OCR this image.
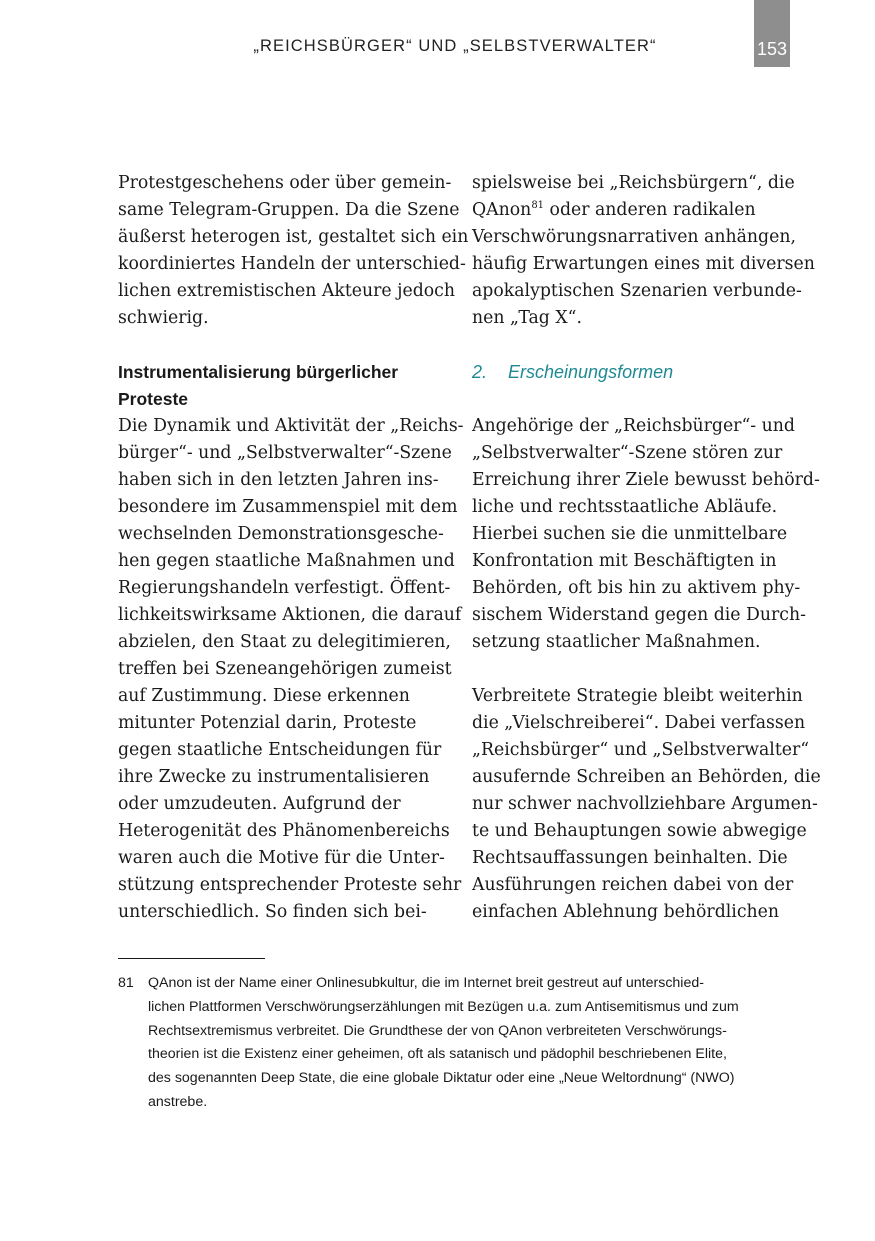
„REICHSBÜRGER“ UND „SELBSTVERWALTER“	153
Protestgeschehens oder über gemein-
same Telegram-Gruppen. Da die Szene
äußerst heterogen ist, gestaltet sich ein
koordiniertes Handeln der unterschied-
lichen extremistischen Akteure jedoch
schwierig.
Instrumentalisierung bürgerlicher
Proteste
Die Dynamik und Aktivität der „Reichs-
bürger“- und „Selbstverwalter“-Szene
haben sich in den letzten Jahren ins-
besondere im Zusammenspiel mit dem
wechselnden Demonstrationsgesche-
hen gegen staatliche Maßnahmen und
Regierungshandeln verfestigt. Öffent-
lichkeitswirksame Aktionen, die darauf
abzielen, den Staat zu delegitimieren,
treffen bei Szeneangehörigen zumeist
auf Zustimmung. Diese erkennen
mitunter Potenzial darin, Proteste
gegen staatliche Entscheidungen für
ihre Zwecke zu instrumentalisieren
oder umzudeuten. Aufgrund der
Heterogenität des Phänomenbereichs
waren auch die Motive für die Unter-
stützung entsprechender Proteste sehr
unterschiedlich. So finden sich bei-
spielsweise bei „Reichsbürgern“, die
QAnon$^{81}$ oder anderen radikalen
Verschwörungsnarrativen anhängen,
häufig Erwartungen eines mit diversen
apokalyptischen Szenarien verbunde-
nen „Tag X“.
2. Erscheinungsformen
Angehörige der „Reichsbürger“- und
„Selbstverwalter“-Szene stören zur
Erreichung ihrer Ziele bewusst behörd-
liche und rechtsstaatliche Abläufe.
Hierbei suchen sie die unmittelbare
Konfrontation mit Beschäftigten in
Behörden, oft bis hin zu aktivem phy-
sischem Widerstand gegen die Durch-
setzung staatlicher Maßnahmen.
Verbreitete Strategie bleibt weiterhin
die „Vielschreiberei“. Dabei verfassen
„Reichsbürger“ und „Selbstverwalter“
ausufernde Schreiben an Behörden, die
nur schwer nachvollziehbare Argumen-
te und Behauptungen sowie abwegige
Rechtsauffassungen beinhalten. Die
Ausführungen reichen dabei von der
einfachen Ablehnung behördlichen
81 QAnon ist der Name einer Onlinesubkultur, die im Internet breit gestreut auf unterschied-
lichen Plattformen Verschwörungserzählungen mit Bezügen u.a. zum Antisemitismus und zum
Rechtsextremismus verbreitet. Die Grundthese der von QAnon verbreiteten Verschwörungs-
theorien ist die Existenz einer geheimen, oft als satanisch und pädophil beschriebenen Elite,
des sogenannten Deep State, die eine globale Diktatur oder eine „Neue Weltordnung“ (NWO)
anstrebe.
